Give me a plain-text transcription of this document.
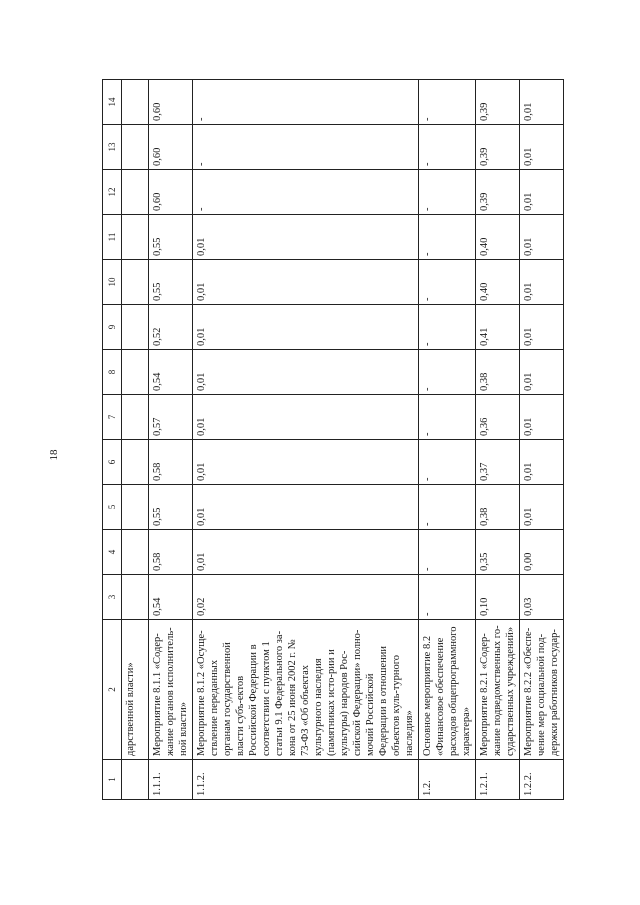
18
1	2	3	4	5	6	7	8	9	10	11	12	13	14
	дарственной власти»												
1.1.1.	Мероприятие 8.1.1 «Содер-жание органов исполнитель-ной власти»	0,54	0,58	0,55	0,58	0,57	0,54	0,52	0,55	0,55	0,60	0,60	0,60
1.1.2.	Мероприятие 8.1.2 «Осуще-ствление переданных органам государственной власти субъ-ектов Российской Федерации в соответствии с пунктом 1 статьи 9.1 Федерального за-кона от 25 июня 2002 г. № 73-ФЗ «Об объектах культурного наследия (памятниках исто-рии и культуры) народов Рос-сийской Федерации» полно-мочий Российской Федерации в отношении объектов куль-турного наследия»	0,02	0,01	0,01	0,01	0,01	0,01	0,01	0,01	0,01	-	-	-
1.2.	Основное мероприятие 8.2 «Финансовое обеспечение расходов общепрограммного характера»	-	-	-	-	-	-	-	-	-	-	-	-
1.2.1.	Мероприятие 8.2.1 «Содер-жание подведомственных го-сударственных учреждений»	0,10	0,35	0,38	0,37	0,36	0,38	0,41	0,40	0,40	0,39	0,39	0,39
1.2.2.	Мероприятие 8.2.2 «Обеспе-чение мер социальной под-держки работников государ-	0,03	0,00	0,01	0,01	0,01	0,01	0,01	0,01	0,01	0,01	0,01	0,01
